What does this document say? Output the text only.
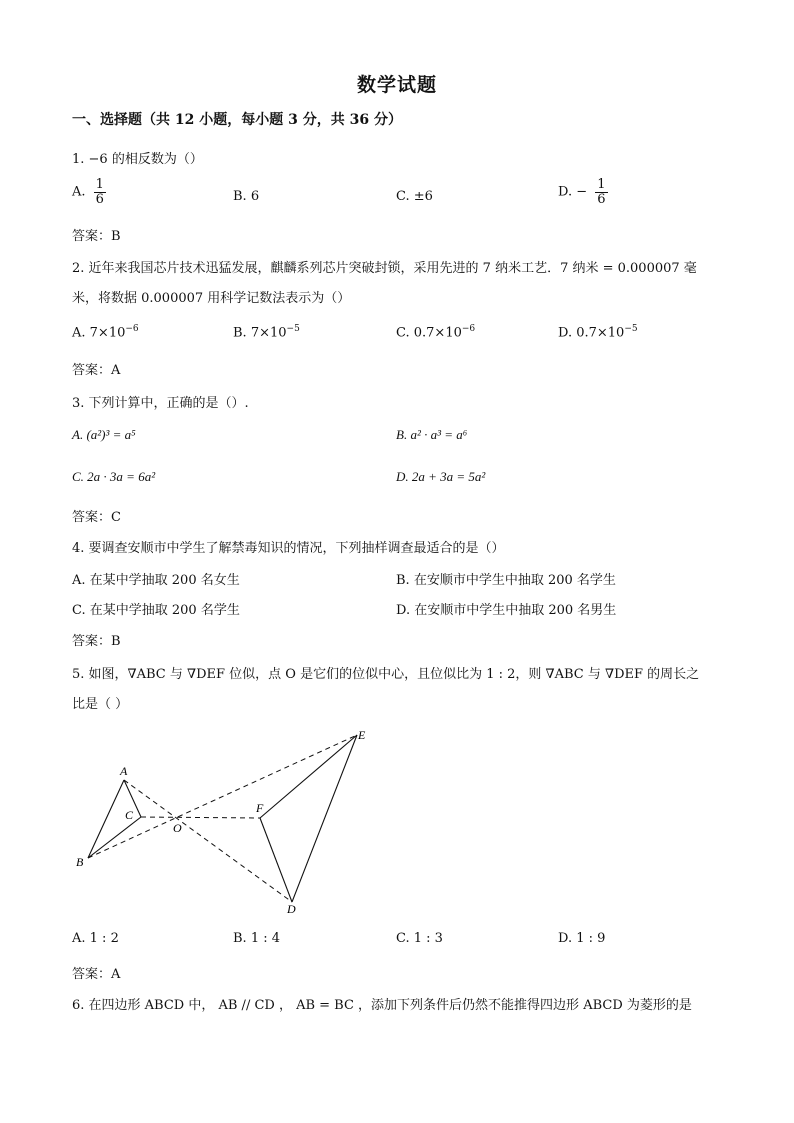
数学试题
一、选择题（共 12 小题，每小题 3 分，共 36 分）
1. −6 的相反数为（）
A. $\frac{1}{6}$	B. 6	C. ±6	D. − $\frac{1}{6}$
答案：B
2. 近年来我国芯片技术迅猛发展，麒麟系列芯片突破封锁，采用先进的 7 纳米工艺．7 纳米 = 0.000007 毫
米，将数据 0.000007 用科学记数法表示为（）
A. $7\times 10^{-6}$	B. $7\times 10^{-5}$	C. $0.7\times 10^{-6}$	D. $0.7\times 10^{-5}$
答案：A
3. 下列计算中，正确的是（）.
A. (a²)³ = a⁵	B. a² · a³ = a⁶
C. 2a · 3a = 6a²	D. 2a + 3a = 5a²
答案：C
4. 要调查安顺市中学生了解禁毒知识的情况，下列抽样调查最适合的是（）
A. 在某中学抽取 200 名女生	B. 在安顺市中学生中抽取 200 名学生
C. 在某中学抽取 200 名学生	D. 在安顺市中学生中抽取 200 名男生
答案：B
5. 如图，∇ABC 与 ∇DEF 位似，点 O 是它们的位似中心，且位似比为 1 : 2，则 ∇ABC 与 ∇DEF 的周长之
比是（ ）
A
B
C
O
F
E
D
A. 1 : 2	B. 1 : 4	C. 1 : 3	D. 1 : 9
答案：A
6. 在四边形 ABCD 中， AB // CD ， AB = BC ，添加下列条件后仍然不能推得四边形 ABCD 为菱形的是
